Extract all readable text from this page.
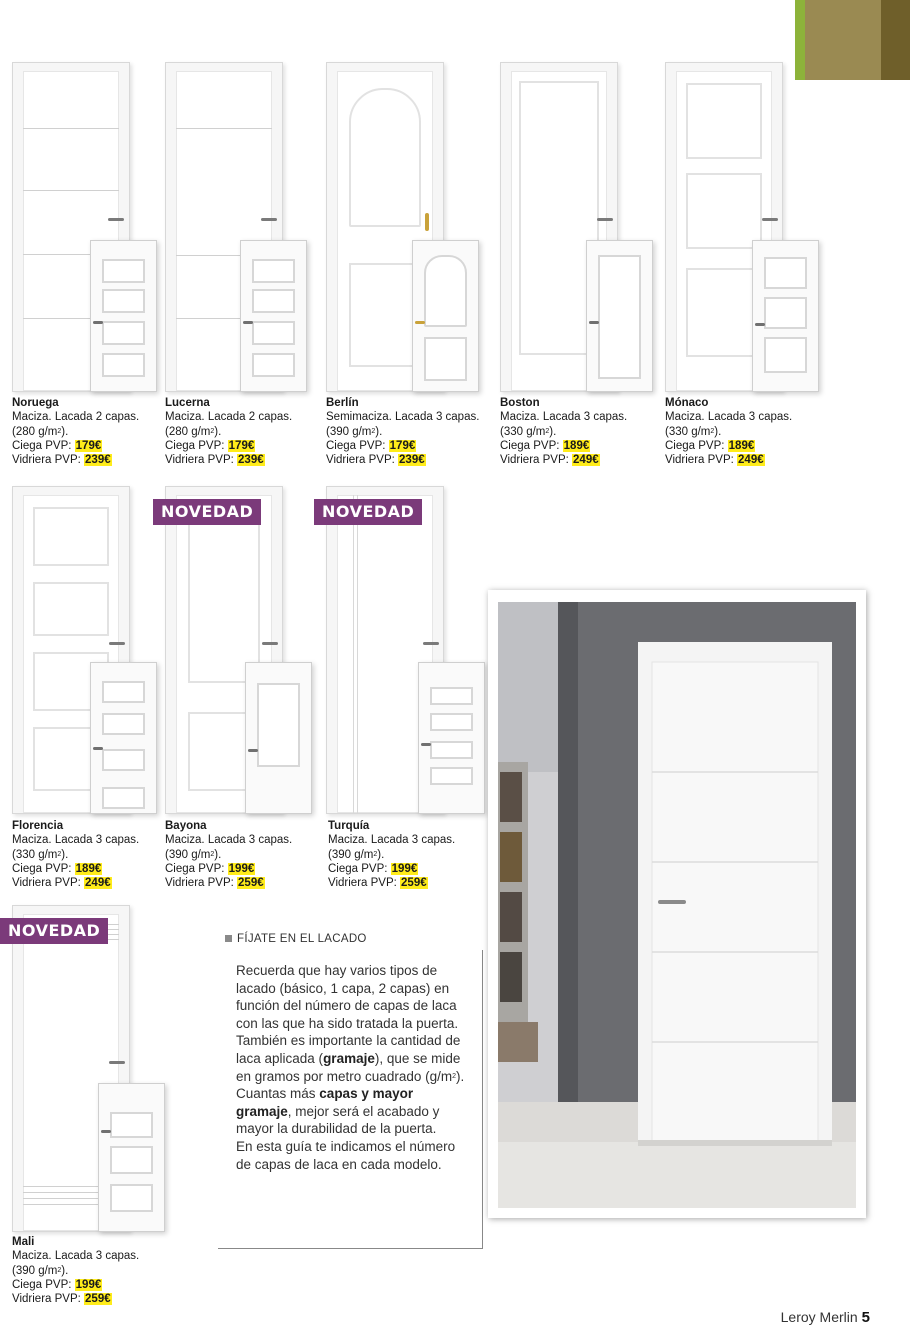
Noruega
Maciza. Lacada 2 capas.
(280 $g/m^2$).
Ciega PVP: 179€
Vidriera PVP: 239€
Lucerna
Maciza. Lacada 2 capas.
(280 $g/m^2$).
Ciega PVP: 179€
Vidriera PVP: 239€
Berlín
Semimaciza. Lacada 3 capas.
(390 $g/m^2$).
Ciega PVP: 179€
Vidriera PVP: 239€
Boston
Maciza. Lacada 3 capas.
(330 $g/m^2$).
Ciega PVP: 189€
Vidriera PVP: 249€
Mónaco
Maciza. Lacada 3 capas.
(330 $g/m^2$).
Ciega PVP: 189€
Vidriera PVP: 249€
NOVEDAD	NOVEDAD
Florencia
Maciza. Lacada 3 capas.
(330 $g/m^2$).
Ciega PVP: 189€
Vidriera PVP: 249€
Bayona
Maciza. Lacada 3 capas.
(390 $g/m^2$).
Ciega PVP: 199€
Vidriera PVP: 259€
Turquía
Maciza. Lacada 3 capas.
(390 $g/m^2$).
Ciega PVP: 199€
Vidriera PVP: 259€
NOVEDAD
Mali
Maciza. Lacada 3 capas.
(390 $g/m^2$).
Ciega PVP: 199€
Vidriera PVP: 259€
FÍJATE EN EL LACADO
Recuerda que hay varios tipos de lacado (básico, 1 capa, 2 capas) en función del número de capas de laca con las que ha sido tratada la puerta.
También es importante la cantidad de laca aplicada (gramaje), que se mide en gramos por metro cuadrado $(g/m^2)$.
Cuantas más capas y mayor gramaje, mejor será el acabado y mayor la durabilidad de la puerta.
En esta guía te indicamos el número de capas de laca en cada modelo.
Leroy Merlin 5
